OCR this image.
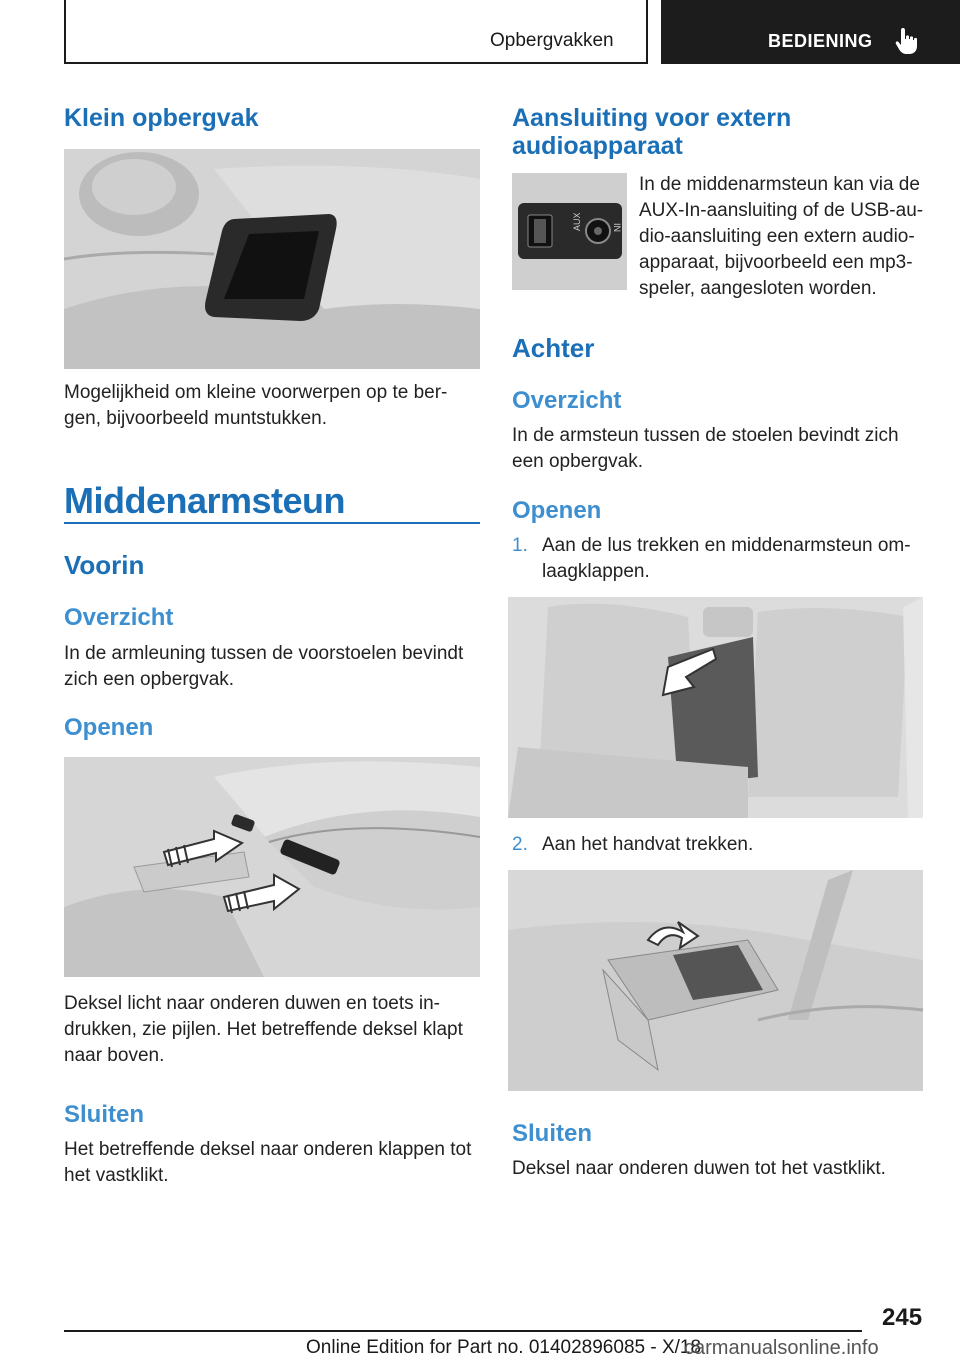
Opbergvakken	BEDIENING
Klein opbergvak
Mogelijkheid om kleine voorwerpen op te ber-
gen, bijvoorbeeld muntstukken.
Middenarmsteun
Voorin
Overzicht
In de armleuning tussen de voorstoelen bevindt
zich een opbergvak.
Openen
Deksel licht naar onderen duwen en toets in-
drukken, zie pijlen. Het betreffende deksel klapt
naar boven.
Sluiten
Het betreffende deksel naar onderen klappen tot
het vastklikt.
Aansluiting voor extern
audioapparaat
AUX	IN
In de middenarmsteun kan via de
AUX-In-aansluiting of de USB-au-
dio-aansluiting een extern audio-
apparaat, bijvoorbeeld een mp3-
speler, aangesloten worden.
Achter
Overzicht
In de armsteun tussen de stoelen bevindt zich
een opbergvak.
Openen
1. Aan de lus trekken en middenarmsteun om-
laagklappen.
2. Aan het handvat trekken.
Sluiten
Deksel naar onderen duwen tot het vastklikt.
245
Online Edition for Part no. 01402896085 - X/18
carmanualsonline.info
